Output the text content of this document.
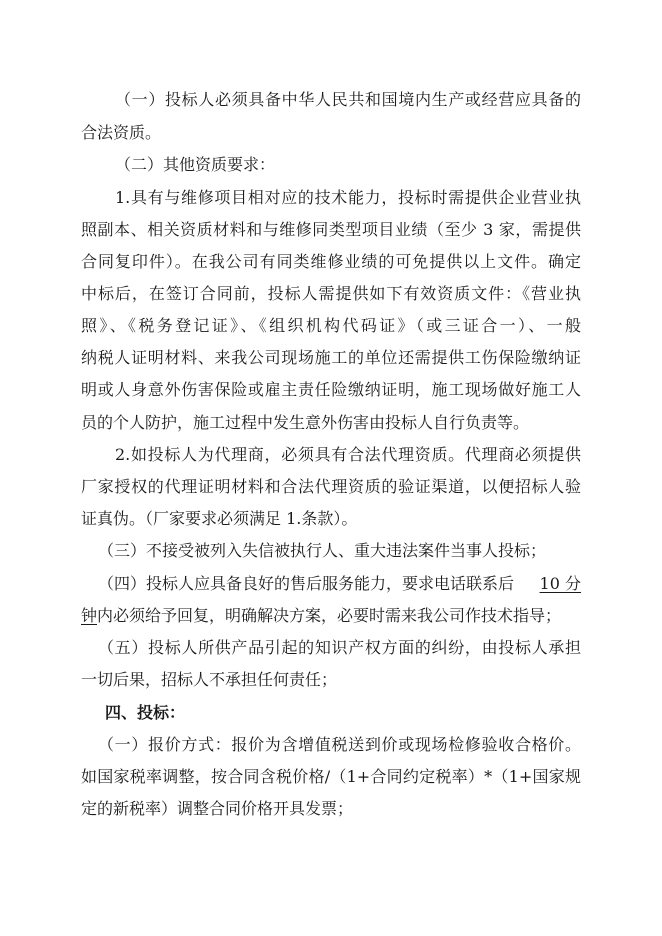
（一）投标人必须具备中华人民共和国境内生产或经营应具备的
合法资质。
（二）其他资质要求：
1.具有与维修项目相对应的技术能力，投标时需提供企业营业执
照副本、相关资质材料和与维修同类型项目业绩（至少 3 家，需提供
合同复印件）。在我公司有同类维修业绩的可免提供以上文件。确定
中标后，在签订合同前，投标人需提供如下有效资质文件：《营业执
照》、《税务登记证》、《组织机构代码证》（或三证合一）、一般
纳税人证明材料、来我公司现场施工的单位还需提供工伤保险缴纳证
明或人身意外伤害保险或雇主责任险缴纳证明，施工现场做好施工人
员的个人防护，施工过程中发生意外伤害由投标人自行负责等。
2.如投标人为代理商，必须具有合法代理资质。代理商必须提供
厂家授权的代理证明材料和合法代理资质的验证渠道，以便招标人验
证真伪。（厂家要求必须满足 1.条款）。
（三）不接受被列入失信被执行人、重大违法案件当事人投标；
（四）投标人应具备良好的售后服务能力，要求电话联系后 10 分
钟内必须给予回复，明确解决方案，必要时需来我公司作技术指导；
（五）投标人所供产品引起的知识产权方面的纠纷，由投标人承担
一切后果，招标人不承担任何责任；
四、投标：
（一）报价方式：报价为含增值税送到价或现场检修验收合格价。
如国家税率调整，按合同含税价格/（1+合同约定税率）*（1+国家规
定的新税率）调整合同价格开具发票；
